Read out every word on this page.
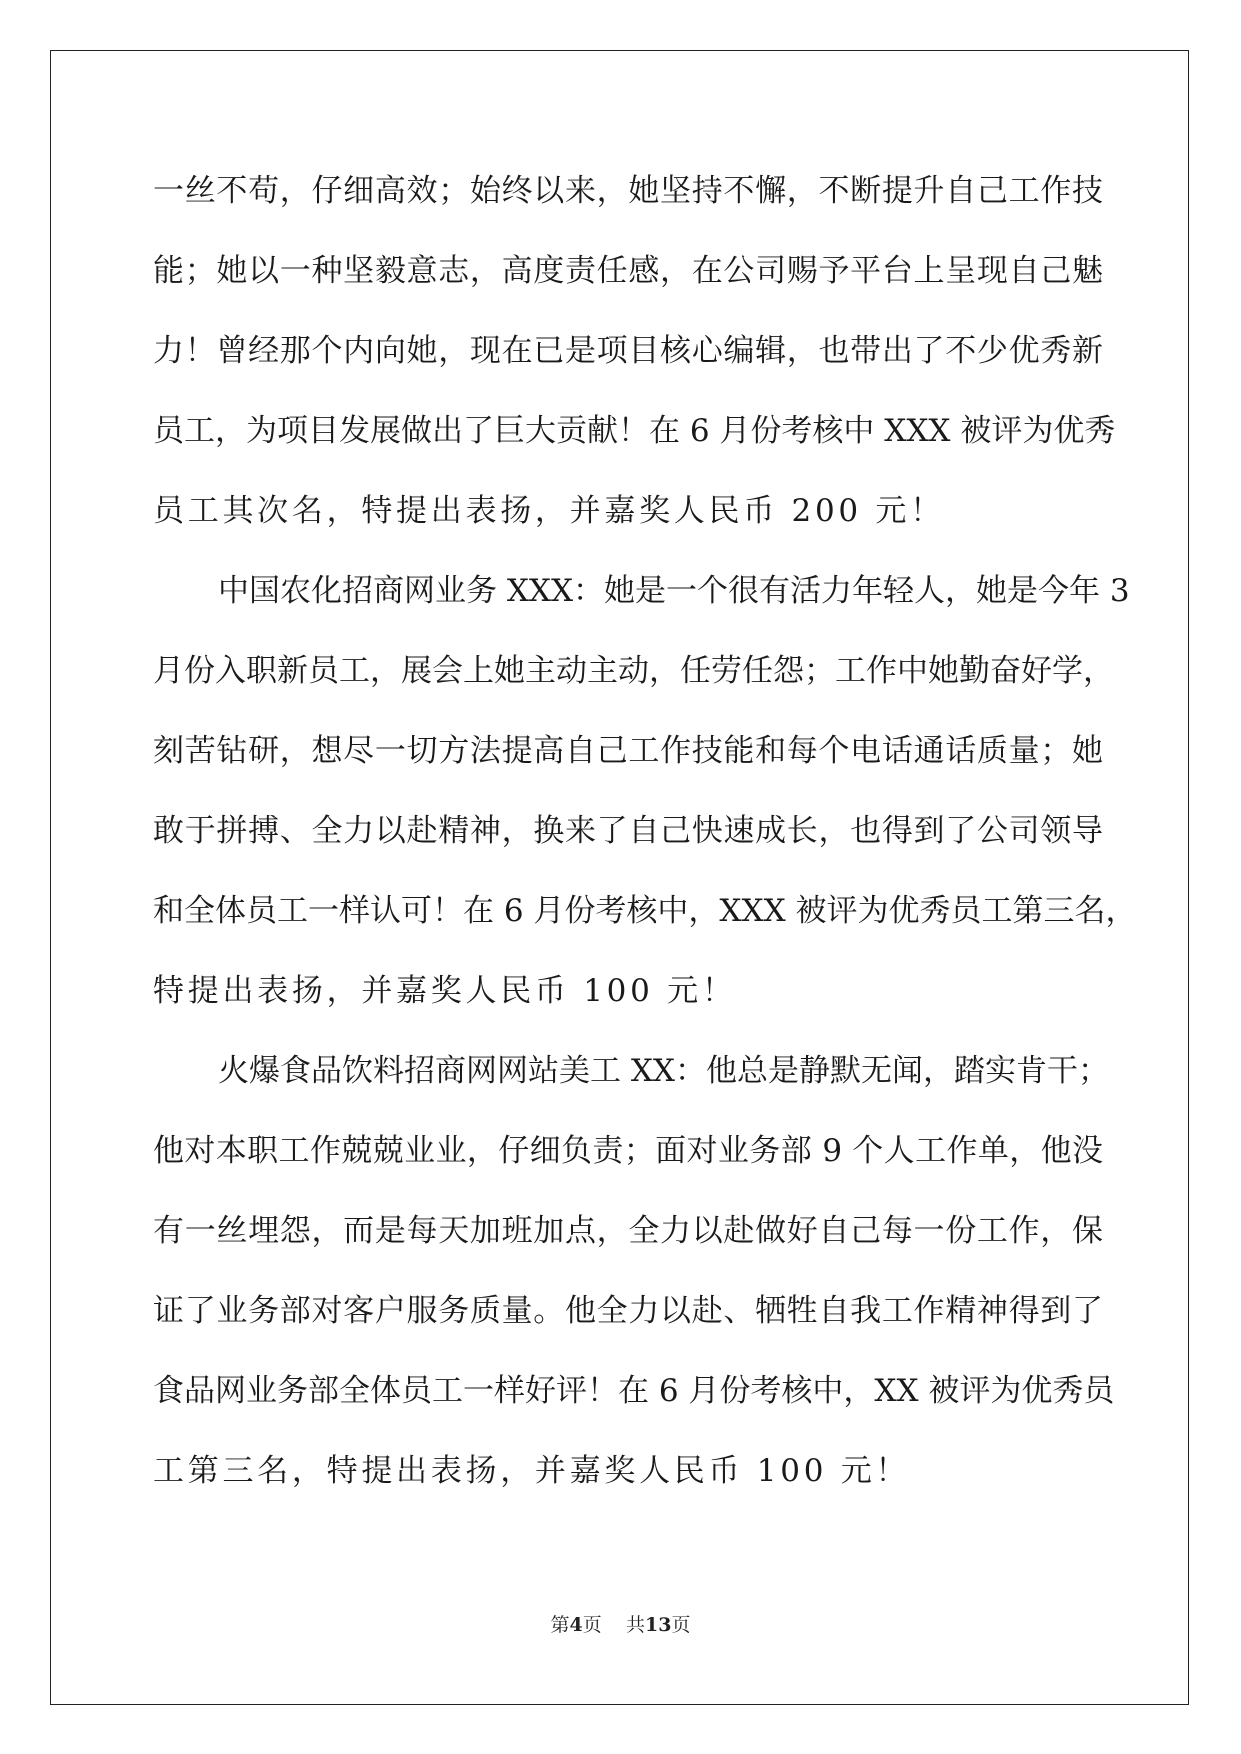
一丝不苟，仔细高效；始终以来，她坚持不懈，不断提升自己工作技
能；她以一种坚毅意志，高度责任感，在公司赐予平台上呈现自己魅
力！曾经那个内向她，现在已是项目核心编辑，也带出了不少优秀新
员工，为项目发展做出了巨大贡献！在 6 月份考核中 XXX 被评为优秀
员工其次名，特提出表扬，并嘉奖人民币 200 元！
中国农化招商网业务 XXX：她是一个很有活力年轻人，她是今年 3
月份入职新员工，展会上她主动主动，任劳任怨；工作中她勤奋好学，
刻苦钻研，想尽一切方法提高自己工作技能和每个电话通话质量；她
敢于拼搏、全力以赴精神，换来了自己快速成长，也得到了公司领导
和全体员工一样认可！在 6 月份考核中，XXX 被评为优秀员工第三名，
特提出表扬，并嘉奖人民币 100 元！
火爆食品饮料招商网网站美工 XX：他总是静默无闻，踏实肯干；
他对本职工作兢兢业业，仔细负责；面对业务部 9 个人工作单，他没
有一丝埋怨，而是每天加班加点，全力以赴做好自己每一份工作，保
证了业务部对客户服务质量。他全力以赴、牺牲自我工作精神得到了
食品网业务部全体员工一样好评！在 6 月份考核中，XX 被评为优秀员
工第三名，特提出表扬，并嘉奖人民币 100 元！
第4页 共13页
